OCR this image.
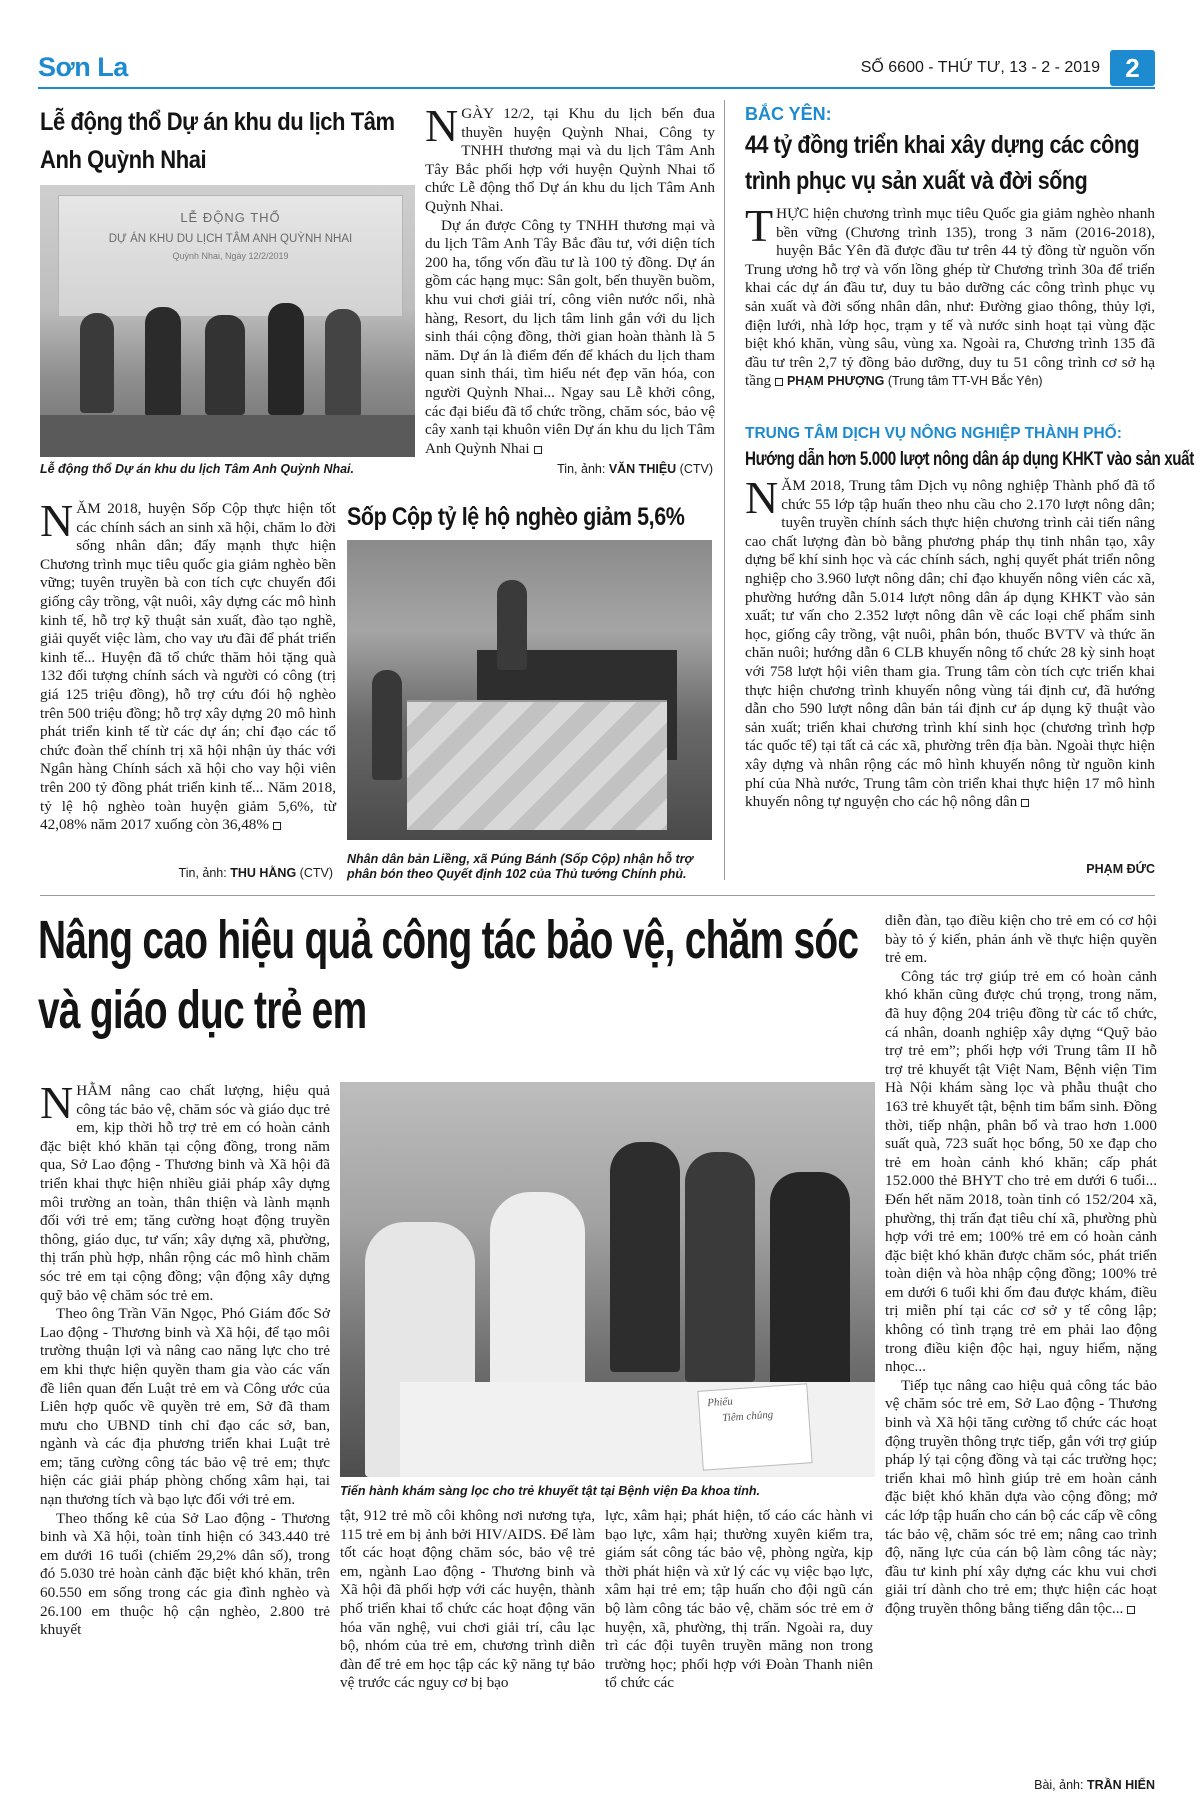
Sơn La	SỐ 6600 - THỨ TƯ, 13 - 2 - 2019 2
Lễ động thổ Dự án khu du lịch Tâm Anh Quỳnh Nhai
LỄ ĐỘNG THỔ
DỰ ÁN KHU DU LỊCH TÂM ANH QUỲNH NHAI
Quỳnh Nhai, Ngày 12/2/2019
Lễ động thổ Dự án khu du lịch Tâm Anh Quỳnh Nhai.
NGÀY 12/2, tại Khu du lịch bến đua thuyền huyện Quỳnh Nhai, Công ty TNHH thương mại và du lịch Tâm Anh Tây Bắc phối hợp với huyện Quỳnh Nhai tổ chức Lễ động thổ Dự án khu du lịch Tâm Anh Quỳnh Nhai.
Dự án được Công ty TNHH thương mại và du lịch Tâm Anh Tây Bắc đầu tư, với diện tích 200 ha, tổng vốn đầu tư là 100 tỷ đồng. Dự án gồm các hạng mục: Sân golt, bến thuyền buồm, khu vui chơi giải trí, công viên nước nổi, nhà hàng, Resort, du lịch tâm linh gắn với du lịch sinh thái cộng đồng, thời gian hoàn thành là 5 năm. Dự án là điểm đến để khách du lịch tham quan sinh thái, tìm hiểu nét đẹp văn hóa, con người Quỳnh Nhai... Ngay sau Lễ khởi công, các đại biểu đã tổ chức trồng, chăm sóc, bảo vệ cây xanh tại khuôn viên Dự án khu du lịch Tâm Anh Quỳnh Nhai
Tin, ảnh: VĂN THIỆU (CTV)
BẮC YÊN:
44 tỷ đồng triển khai xây dựng các công trình phục vụ sản xuất và đời sống
THỰC hiện chương trình mục tiêu Quốc gia giảm nghèo nhanh bền vững (Chương trình 135), trong 3 năm (2016-2018), huyện Bắc Yên đã được đầu tư trên 44 tỷ đồng từ nguồn vốn Trung ương hỗ trợ và vốn lồng ghép từ Chương trình 30a để triển khai các dự án đầu tư, duy tu bảo dưỡng các công trình phục vụ sản xuất và đời sống nhân dân, như: Đường giao thông, thủy lợi, điện lưới, nhà lớp học, trạm y tế và nước sinh hoạt tại vùng đặc biệt khó khăn, vùng sâu, vùng xa. Ngoài ra, Chương trình 135 đã đầu tư trên 2,7 tỷ đồng bảo dưỡng, duy tu 51 công trình cơ sở hạ tầng PHẠM PHƯỢNG (Trung tâm TT-VH Bắc Yên)
TRUNG TÂM DỊCH VỤ NÔNG NGHIỆP THÀNH PHỐ:
Hướng dẫn hơn 5.000 lượt nông dân áp dụng KHKT vào sản xuất
NĂM 2018, Trung tâm Dịch vụ nông nghiệp Thành phố đã tổ chức 55 lớp tập huấn theo nhu cầu cho 2.170 lượt nông dân; tuyên truyền chính sách thực hiện chương trình cải tiến nâng cao chất lượng đàn bò bằng phương pháp thụ tinh nhân tạo, xây dựng bể khí sinh học và các chính sách, nghị quyết phát triển nông nghiệp cho 3.960 lượt nông dân; chỉ đạo khuyến nông viên các xã, phường hướng dẫn 5.014 lượt nông dân áp dụng KHKT vào sản xuất; tư vấn cho 2.352 lượt nông dân về các loại chế phẩm sinh học, giống cây trồng, vật nuôi, phân bón, thuốc BVTV và thức ăn chăn nuôi; hướng dẫn 6 CLB khuyến nông tổ chức 28 kỳ sinh hoạt với 758 lượt hội viên tham gia. Trung tâm còn tích cực triển khai thực hiện chương trình khuyến nông vùng tái định cư, đã hướng dẫn cho 590 lượt nông dân bản tái định cư áp dụng kỹ thuật vào sản xuất; triển khai chương trình khí sinh học (chương trình hợp tác quốc tế) tại tất cả các xã, phường trên địa bàn. Ngoài thực hiện xây dựng và nhân rộng các mô hình khuyến nông từ nguồn kinh phí của Nhà nước, Trung tâm còn triển khai thực hiện 17 mô hình khuyến nông tự nguyện cho các hộ nông dân
PHẠM ĐỨC
NĂM 2018, huyện Sốp Cộp thực hiện tốt các chính sách an sinh xã hội, chăm lo đời sống nhân dân; đẩy mạnh thực hiện Chương trình mục tiêu quốc gia giảm nghèo bền vững; tuyên truyền bà con tích cực chuyển đổi giống cây trồng, vật nuôi, xây dựng các mô hình kinh tế, hỗ trợ kỹ thuật sản xuất, đào tạo nghề, giải quyết việc làm, cho vay ưu đãi để phát triển kinh tế... Huyện đã tổ chức thăm hỏi tặng quà 132 đối tượng chính sách và người có công (trị giá 125 triệu đồng), hỗ trợ cứu đói hộ nghèo trên 500 triệu đồng; hỗ trợ xây dựng 20 mô hình phát triển kinh tế từ các dự án; chỉ đạo các tổ chức đoàn thể chính trị xã hội nhận ủy thác với Ngân hàng Chính sách xã hội cho vay hội viên trên 200 tỷ đồng phát triển kinh tế... Năm 2018, tỷ lệ hộ nghèo toàn huyện giảm 5,6%, từ 42,08% năm 2017 xuống còn 36,48%
Tin, ảnh: THU HẰNG (CTV)
Sốp Cộp tỷ lệ hộ nghèo giảm 5,6%
Nhân dân bản Liềng, xã Púng Bánh (Sốp Cộp) nhận hỗ trợ phân bón theo Quyết định 102 của Thủ tướng Chính phủ.
Nâng cao hiệu quả công tác bảo vệ, chăm sóc
và giáo dục trẻ em
NHẰM nâng cao chất lượng, hiệu quả công tác bảo vệ, chăm sóc và giáo dục trẻ em, kịp thời hỗ trợ trẻ em có hoàn cảnh đặc biệt khó khăn tại cộng đồng, trong năm qua, Sở Lao động - Thương binh và Xã hội đã triển khai thực hiện nhiều giải pháp xây dựng môi trường an toàn, thân thiện và lành mạnh đối với trẻ em; tăng cường hoạt động truyền thông, giáo dục, tư vấn; xây dựng xã, phường, thị trấn phù hợp, nhân rộng các mô hình chăm sóc trẻ em tại cộng đồng; vận động xây dựng quỹ bảo vệ chăm sóc trẻ em.
Theo ông Trần Văn Ngọc, Phó Giám đốc Sở Lao động - Thương binh và Xã hội, để tạo môi trường thuận lợi và nâng cao năng lực cho trẻ em khi thực hiện quyền tham gia vào các vấn đề liên quan đến Luật trẻ em và Công ước của Liên hợp quốc về quyền trẻ em, Sở đã tham mưu cho UBND tỉnh chỉ đạo các sở, ban, ngành và các địa phương triển khai Luật trẻ em; tăng cường công tác bảo vệ trẻ em; thực hiện các giải pháp phòng chống xâm hại, tai nạn thương tích và bạo lực đối với trẻ em.
Theo thống kê của Sở Lao động - Thương binh và Xã hội, toàn tỉnh hiện có 343.440 trẻ em dưới 16 tuổi (chiếm 29,2% dân số), trong đó 5.030 trẻ hoàn cảnh đặc biệt khó khăn, trên 60.550 em sống trong các gia đình nghèo và 26.100 em thuộc hộ cận nghèo, 2.800 trẻ khuyết
Phiếu
Tiêm chủng
Tiến hành khám sàng lọc cho trẻ khuyết tật tại Bệnh viện Đa khoa tỉnh.
tật, 912 trẻ mồ côi không nơi nương tựa, 115 trẻ em bị ảnh bởi HIV/AIDS. Để làm tốt các hoạt động chăm sóc, bảo vệ trẻ em, ngành Lao động - Thương binh và Xã hội đã phối hợp với các huyện, thành phố triển khai tổ chức các hoạt động văn hóa văn nghệ, vui chơi giải trí, câu lạc bộ, nhóm của trẻ em, chương trình diễn đàn để trẻ em học tập các kỹ năng tự bảo vệ trước các nguy cơ bị bạo
lực, xâm hại; phát hiện, tố cáo các hành vi bạo lực, xâm hại; thường xuyên kiểm tra, giám sát công tác bảo vệ, phòng ngừa, kịp thời phát hiện và xử lý các vụ việc bạo lực, xâm hại trẻ em; tập huấn cho đội ngũ cán bộ làm công tác bảo vệ, chăm sóc trẻ em ở huyện, xã, phường, thị trấn. Ngoài ra, duy trì các đội tuyên truyền măng non trong trường học; phối hợp với Đoàn Thanh niên tổ chức các
diễn đàn, tạo điều kiện cho trẻ em có cơ hội bày tỏ ý kiến, phản ánh về thực hiện quyền trẻ em.
Công tác trợ giúp trẻ em có hoàn cảnh khó khăn cũng được chú trọng, trong năm, đã huy động 204 triệu đồng từ các tổ chức, cá nhân, doanh nghiệp xây dựng “Quỹ bảo trợ trẻ em”; phối hợp với Trung tâm II hỗ trợ trẻ khuyết tật Việt Nam, Bệnh viện Tim Hà Nội khám sàng lọc và phẫu thuật cho 163 trẻ khuyết tật, bệnh tim bẩm sinh. Đồng thời, tiếp nhận, phân bổ và trao hơn 1.000 suất quà, 723 suất học bổng, 50 xe đạp cho trẻ em hoàn cảnh khó khăn; cấp phát 152.000 thẻ BHYT cho trẻ em dưới 6 tuổi... Đến hết năm 2018, toàn tỉnh có 152/204 xã, phường, thị trấn đạt tiêu chí xã, phường phù hợp với trẻ em; 100% trẻ em có hoàn cảnh đặc biệt khó khăn được chăm sóc, phát triển toàn diện và hòa nhập cộng đồng; 100% trẻ em dưới 6 tuổi khi ốm đau được khám, điều trị miễn phí tại các cơ sở y tế công lập; không có tình trạng trẻ em phải lao động trong điều kiện độc hại, nguy hiểm, nặng nhọc...
Tiếp tục nâng cao hiệu quả công tác bảo vệ chăm sóc trẻ em, Sở Lao động - Thương binh và Xã hội tăng cường tổ chức các hoạt động truyền thông trực tiếp, gắn với trợ giúp pháp lý tại cộng đồng và tại các trường học; triển khai mô hình giúp trẻ em hoàn cảnh đặc biệt khó khăn dựa vào cộng đồng; mở các lớp tập huấn cho cán bộ các cấp về công tác bảo vệ, chăm sóc trẻ em; nâng cao trình độ, năng lực của cán bộ làm công tác này; đầu tư kinh phí xây dựng các khu vui chơi giải trí dành cho trẻ em; thực hiện các hoạt động truyền thông bằng tiếng dân tộc...
Bài, ảnh: TRẦN HIỂN
